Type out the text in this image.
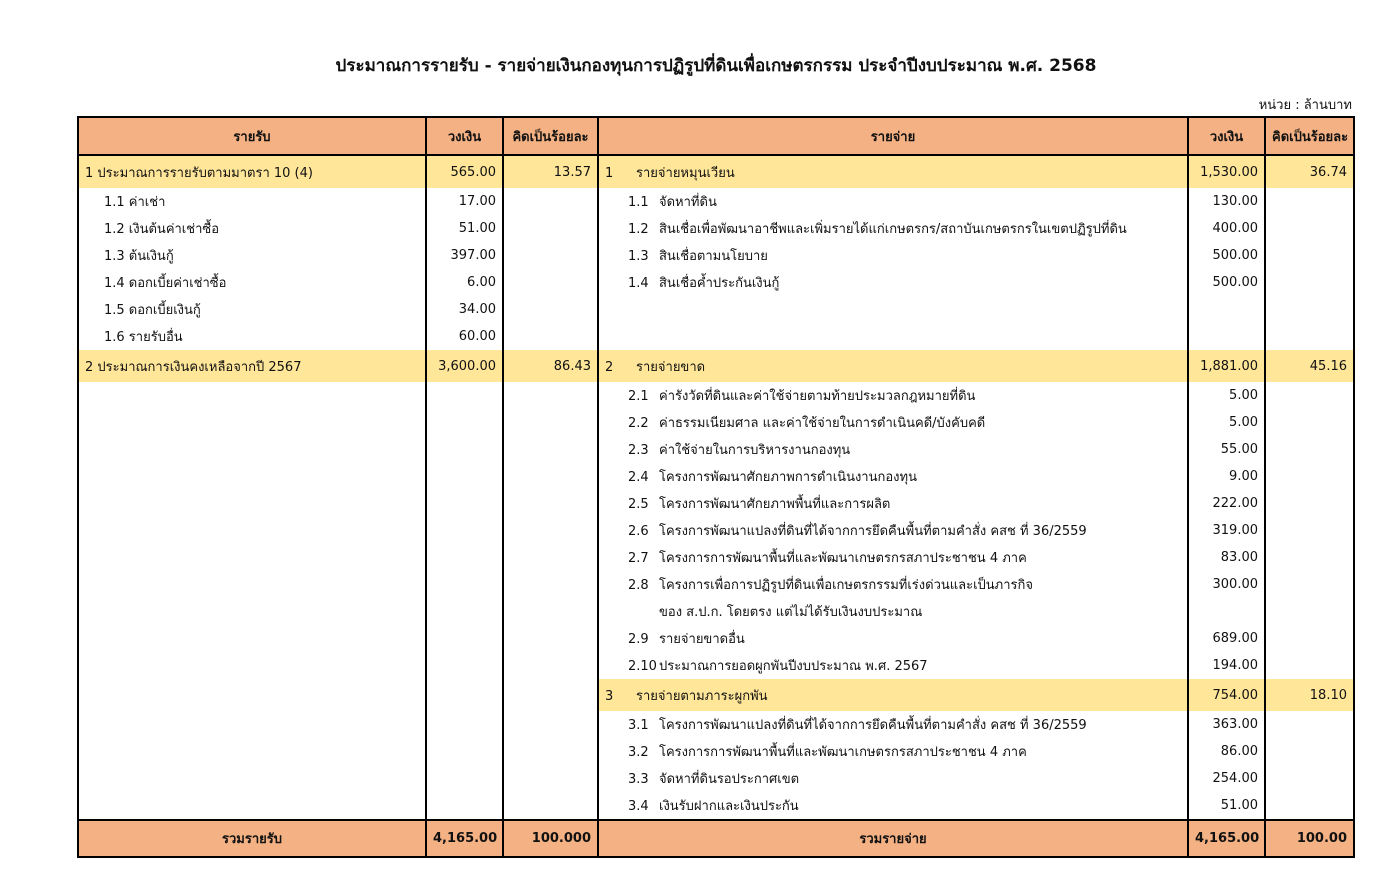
ประมาณการรายรับ - รายจ่ายเงินกองทุนการปฏิรูปที่ดินเพื่อเกษตรกรรม ประจำปีงบประมาณ พ.ศ. 2568
หน่วย : ล้านบาท
รายรับ	วงเงิน	คิดเป็นร้อยละ	รายจ่าย	วงเงิน	คิดเป็นร้อยละ
1 ประมาณการรายรับตามมาตรา 10 (4)	565.00	13.57	1 รายจ่ายหมุนเวียน	1,530.00	36.74
1.1 ค่าเช่า	17.00		1.1 จัดหาที่ดิน	130.00	
1.2 เงินต้นค่าเช่าซื้อ	51.00		1.2 สินเชื่อเพื่อพัฒนาอาชีพและเพิ่มรายได้แก่เกษตรกร/สถาบันเกษตรกรในเขตปฏิรูปที่ดิน	400.00	
1.3 ต้นเงินกู้	397.00		1.3 สินเชื่อตามนโยบาย	500.00	
1.4 ดอกเบี้ยค่าเช่าซื้อ	6.00		1.4 สินเชื่อค้ำประกันเงินกู้	500.00	
1.5 ดอกเบี้ยเงินกู้	34.00				
1.6 รายรับอื่น	60.00				
2 ประมาณการเงินคงเหลือจากปี 2567	3,600.00	86.43	2 รายจ่ายขาด	1,881.00	45.16
			2.1 ค่ารังวัดที่ดินและค่าใช้จ่ายตามท้ายประมวลกฎหมายที่ดิน	5.00	
			2.2 ค่าธรรมเนียมศาล และค่าใช้จ่ายในการดำเนินคดี/บังคับคดี	5.00	
			2.3 ค่าใช้จ่ายในการบริหารงานกองทุน	55.00	
			2.4 โครงการพัฒนาศักยภาพการดำเนินงานกองทุน	9.00	
			2.5 โครงการพัฒนาศักยภาพพื้นที่และการผลิต	222.00	
			2.6 โครงการพัฒนาแปลงที่ดินที่ได้จากการยึดคืนพื้นที่ตามคำสั่ง คสช ที่ 36/2559	319.00	
			2.7 โครงการการพัฒนาพื้นที่และพัฒนาเกษตรกรสภาประชาชน 4 ภาค	83.00	
			2.8 โครงการเพื่อการปฏิรูปที่ดินเพื่อเกษตรกรรมที่เร่งด่วนและเป็นภารกิจ	300.00	
			ของ ส.ป.ก. โดยตรง แต่ไม่ได้รับเงินงบประมาณ		
			2.9 รายจ่ายขาดอื่น	689.00	
			2.10 ประมาณการยอดผูกพันปีงบประมาณ พ.ศ. 2567	194.00	
			3 รายจ่ายตามภาระผูกพัน	754.00	18.10
			3.1 โครงการพัฒนาแปลงที่ดินที่ได้จากการยึดคืนพื้นที่ตามคำสั่ง คสช ที่ 36/2559	363.00	
			3.2 โครงการการพัฒนาพื้นที่และพัฒนาเกษตรกรสภาประชาชน 4 ภาค	86.00	
			3.3 จัดหาที่ดินรอประกาศเขต	254.00	
			3.4 เงินรับฝากและเงินประกัน	51.00	
รวมรายรับ	4,165.00	100.000	รวมรายจ่าย	4,165.00	100.00
